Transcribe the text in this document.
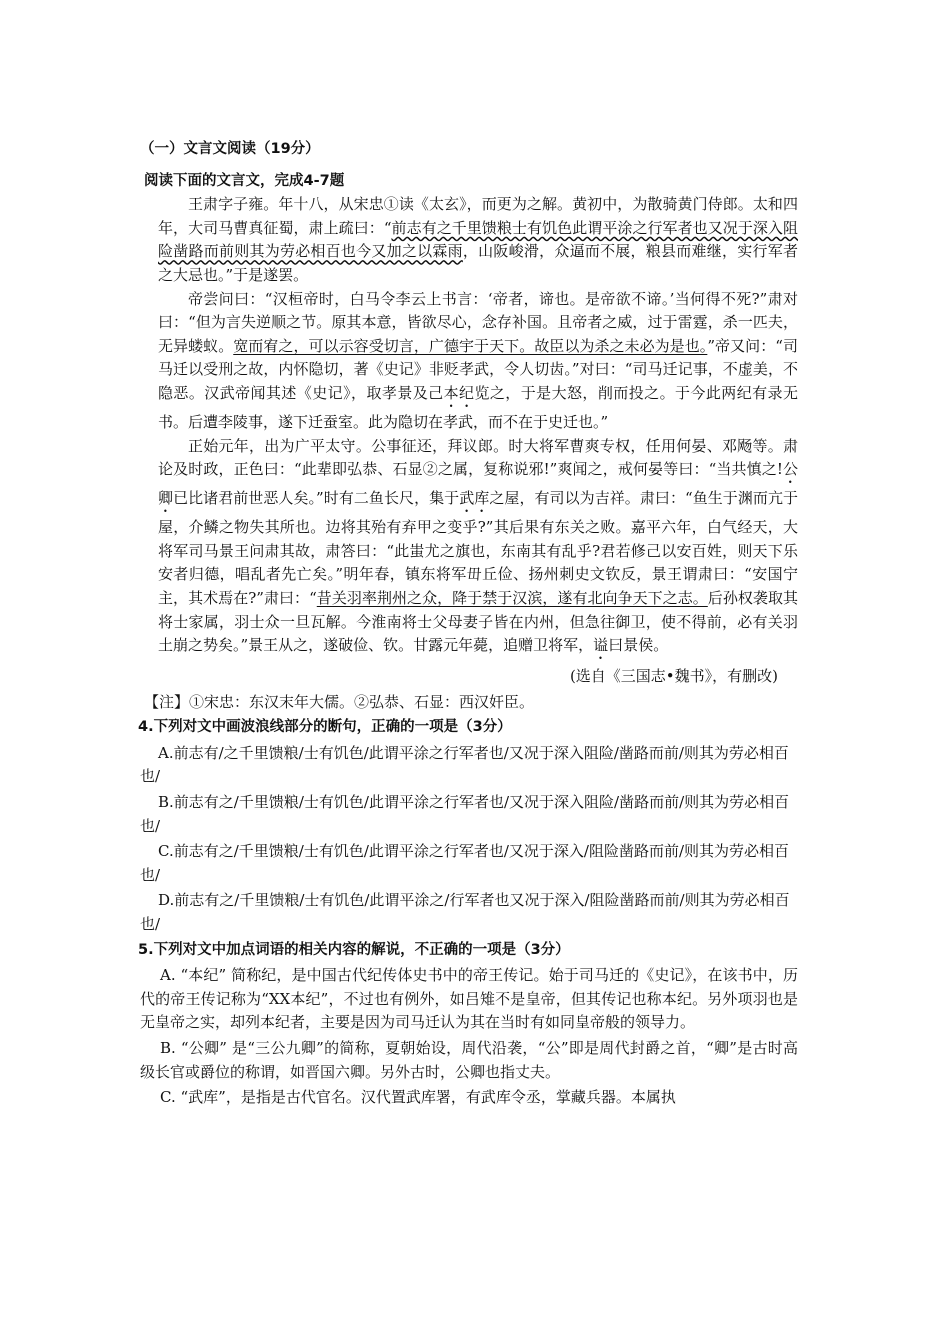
（一）文言文阅读（19分）
阅读下面的文言文，完成4-7题

王肃字子雍。年十八，从宋忠①读《太玄》，而更为之解。黄初中，为散骑黄门侍郎。太和四年，大司马曹真征蜀，肃上疏曰：“前志有之千里馈粮士有饥色此谓平涂之行军者也又况于深入阻险凿路而前则其为劳必相百也今又加之以霖雨，山阪峻滑，众逼而不展，粮县而难继，实行军者之大忌也。”于是遂罢。

帝尝问曰：“汉桓帝时，白马令李云上书言：‘帝者，谛也。是帝欲不谛。’当何得不死?”肃对曰：“但为言失逆顺之节。原其本意，皆欲尽心，念存补国。且帝者之威，过于雷霆，杀一匹夫，无异蝼蚁。宽而宥之，可以示容受切言，广德宇于天下。故臣以为杀之未必为是也。”帝又问：“司马迁以受刑之故，内怀隐切，著《史记》非贬孝武，令人切齿。”对曰：“司马迁记事，不虚美，不隐恶。汉武帝闻其述《史记》，取孝景及己本纪览之，于是大怒，削而投之。于今此两纪有录无书。后遭李陵事，遂下迁蚕室。此为隐切在孝武，而不在于史迁也。”

正始元年，出为广平太守。公事征还，拜议郎。时大将军曹爽专权，任用何晏、邓飏等。肃论及时政，正色曰：“此辈即弘恭、石显②之属，复称说邪!”爽闻之，戒何晏等曰：“当共慎之!公卿已比诸君前世恶人矣。”时有二鱼长尺，集于武库之屋，有司以为吉祥。肃曰：“鱼生于渊而亢于屋，介鳞之物失其所也。边将其殆有弃甲之变乎?”其后果有东关之败。嘉平六年，白气经天，大将军司马景王问肃其故，肃答曰：“此蚩尤之旗也，东南其有乱乎?君若修己以安百姓，则天下乐安者归德，唱乱者先亡矣。”明年春，镇东将军毌丘俭、扬州刺史文钦反，景王谓肃曰：“安国宁主，其术焉在?”肃曰：“昔关羽率荆州之众，降于禁于汉滨，遂有北向争天下之志。后孙权袭取其将士家属，羽士众一旦瓦解。今淮南将士父母妻子皆在内州，但急往御卫，使不得前，必有关羽土崩之势矣。”景王从之，遂破俭、钦。甘露元年薨，追赠卫将军，谥曰景侯。

(选自《三国志•魏书》，有删改)
【注】①宋忠：东汉末年大儒。②弘恭、石显：西汉奸臣。
4.下列对文中画波浪线部分的断句，正确的一项是（3分）
A.前志有/之千里馈粮/士有饥色/此谓平涂之行军者也/又况于深入阻险/凿路而前/则其为劳必相百也/
B.前志有之/千里馈粮/士有饥色/此谓平涂之行军者也/又况于深入阻险/凿路而前/则其为劳必相百也/
C.前志有之/千里馈粮/士有饥色/此谓平涂之行军者也/又况于深入/阻险凿路而前/则其为劳必相百也/
D.前志有之/千里馈粮/士有饥色/此谓平涂之/行军者也又况于深入/阻险凿路而前/则其为劳必相百也/
5.下列对文中加点词语的相关内容的解说，不正确的一项是（3分）
A. “本纪” 简称纪，是中国古代纪传体史书中的帝王传记。始于司马迁的《史记》，在该书中，历代的帝王传记称为“XX本纪”，不过也有例外，如吕雉不是皇帝，但其传记也称本纪。另外项羽也是无皇帝之实，却列本纪者，主要是因为司马迁认为其在当时有如同皇帝般的领导力。
B. “公卿” 是“三公九卿”的简称，夏朝始设，周代沿袭，“公”即是周代封爵之首，“卿”是古时高级长官或爵位的称谓，如晋国六卿。另外古时，公卿也指丈夫。
C. “武库”，是指是古代官名。汉代置武库署，有武库令丞，掌藏兵器。本属执
